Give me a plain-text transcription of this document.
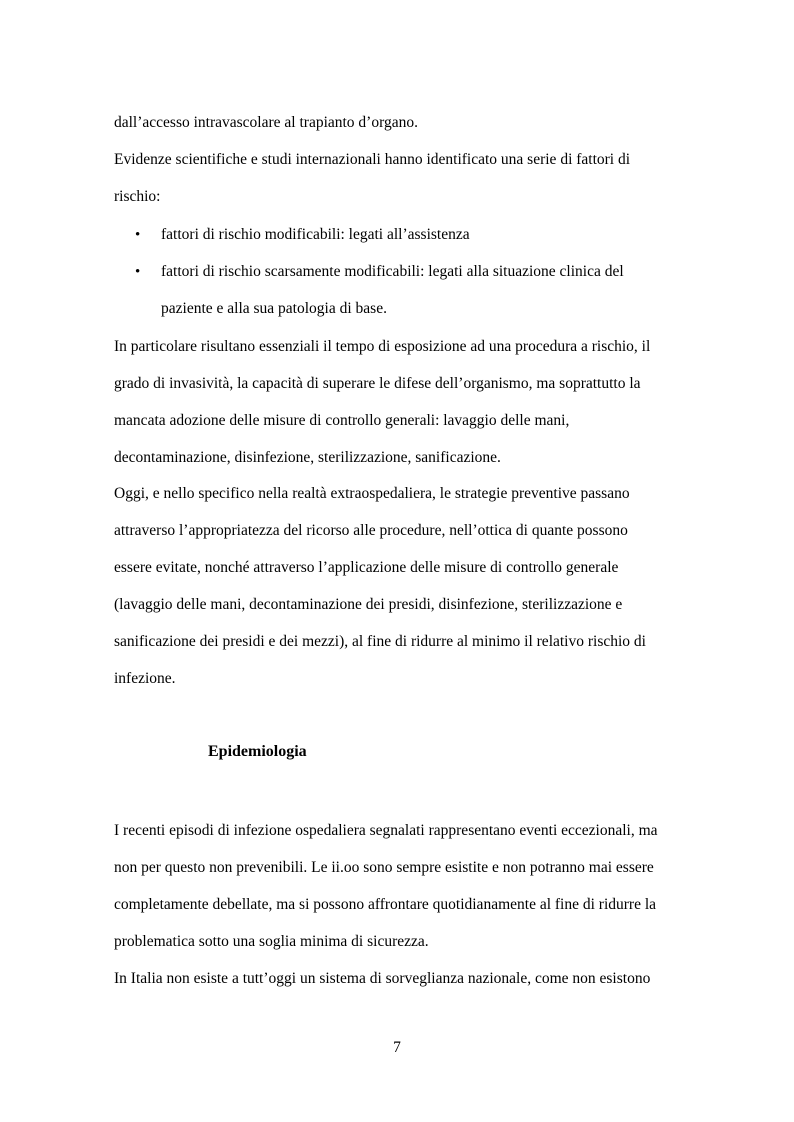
dall’accesso intravascolare al trapianto d’organo.
Evidenze scientifiche e studi internazionali hanno identificato una serie di fattori di
rischio:
• fattori di rischio modificabili: legati all’assistenza
• fattori di rischio scarsamente modificabili: legati alla situazione clinica del
paziente e alla sua patologia di base.
In particolare risultano essenziali il tempo di esposizione ad una procedura a rischio, il
grado di invasività, la capacità di superare le difese dell’organismo, ma soprattutto la
mancata adozione delle misure di controllo generali: lavaggio delle mani,
decontaminazione, disinfezione, sterilizzazione, sanificazione.
Oggi, e nello specifico nella realtà extraospedaliera, le strategie preventive passano
attraverso l’appropriatezza del ricorso alle procedure, nell’ottica di quante possono
essere evitate, nonché attraverso l’applicazione delle misure di controllo generale
(lavaggio delle mani, decontaminazione dei presidi, disinfezione, sterilizzazione e
sanificazione dei presidi e dei mezzi), al fine di ridurre al minimo il relativo rischio di
infezione.
Epidemiologia
I recenti episodi di infezione ospedaliera segnalati rappresentano eventi eccezionali, ma
non per questo non prevenibili. Le ii.oo sono sempre esistite e non potranno mai essere
completamente debellate, ma si possono affrontare quotidianamente al fine di ridurre la
problematica sotto una soglia minima di sicurezza.
In Italia non esiste a tutt’oggi un sistema di sorveglianza nazionale, come non esistono
7
